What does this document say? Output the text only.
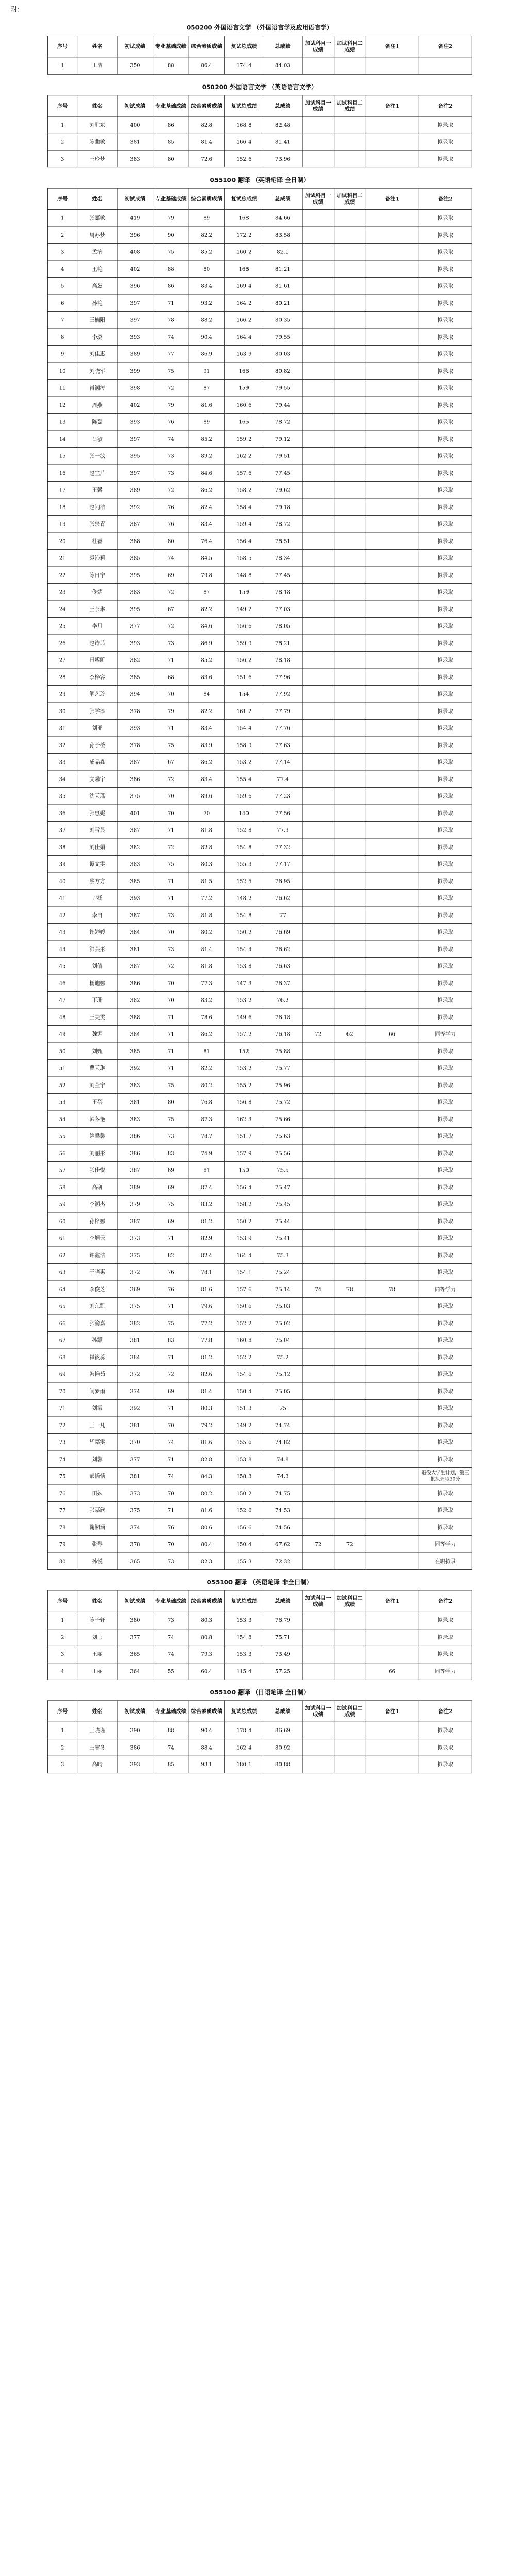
附：
050200 外国语言文学 （外国语言学及应用语言学）
序号	姓名	初试成绩	专业基础成绩	综合素质成绩	复试总成绩	总成绩	加试科目一成绩	加试科目二成绩	备注1	备注2
1	王洁	350	88	86.4	174.4	84.03				
050200 外国语言文学 （英语语言文学）
序号	姓名	初试成绩	专业基础成绩	综合素质成绩	复试总成绩	总成绩	加试科目一成绩	加试科目二成绩	备注1	备注2
1	刘胜东	400	86	82.8	168.8	82.48				拟录取
2	陈曲敏	381	85	81.4	166.4	81.41				拟录取
3	王玲梦	383	80	72.6	152.6	73.96				拟录取
055100 翻译 （英语笔译 全日制）
序号	姓名	初试成绩	专业基础成绩	综合素质成绩	复试总成绩	总成绩	加试科目一成绩	加试科目二成绩	备注1	备注2
1	张嘉敏	419	79	89	168	84.66				拟录取
2	周苏梦	396	90	82.2	172.2	83.58				拟录取
3	孟滴	408	75	85.2	160.2	82.1				拟录取
4	王艳	402	88	80	168	81.21				拟录取
5	高兹	396	86	83.4	169.4	81.61				拟录取
6	孙艳	397	71	93.2	164.2	80.21				拟录取
7	王楠阳	397	78	88.2	166.2	80.35				拟录取
8	李璐	393	74	90.4	164.4	79.55				拟录取
9	刘佳惠	389	77	86.9	163.9	80.03				拟录取
10	刘晓军	399	75	91	166	80.82				拟录取
11	肖润涛	398	72	87	159	79.55				拟录取
12	周燕	402	79	81.6	160.6	79.44				拟录取
13	陈瑟	393	76	89	165	78.72				拟录取
14	吕敏	397	74	85.2	159.2	79.12				拟录取
15	张一波	395	73	89.2	162.2	79.51				拟录取
16	赵生芹	397	73	84.6	157.6	77.45				拟录取
17	王馨	389	72	86.2	158.2	79.62				拟录取
18	赵闲洁	392	76	82.4	158.4	79.18				拟录取
19	张泉青	387	76	83.4	159.4	78.72				拟录取
20	杜睿	388	80	76.4	156.4	78.51				拟录取
21	袁沁莉	385	74	84.5	158.5	78.34				拟录取
22	陈日宁	395	69	79.8	148.8	77.45				拟录取
23	佟熠	383	72	87	159	78.18				拟录取
24	王茶琳	395	67	82.2	149.2	77.03				拟录取
25	李月	377	72	84.6	156.6	78.05				拟录取
26	赵诗菲	393	73	86.9	159.9	78.21				拟录取
27	田紫昕	382	71	85.2	156.2	78.18				拟录取
28	李梓容	385	68	83.6	151.6	77.96				拟录取
29	解艺玲	394	70	84	154	77.92				拟录取
30	张学淳	378	79	82.2	161.2	77.79				拟录取
31	刘亚	393	71	83.4	154.4	77.76				拟录取
32	孙子薇	378	75	83.9	158.9	77.63				拟录取
33	成晶鑫	387	67	86.2	153.2	77.14				拟录取
34	文馨宇	386	72	83.4	155.4	77.4				拟录取
35	沈天瑶	375	70	89.6	159.6	77.23				拟录取
36	张惠妮	401	70	70	140	77.56				拟录取
37	刘雪晨	387	71	81.8	152.8	77.3				拟录取
38	刘佳娟	382	72	82.8	154.8	77.32				拟录取
39	谭文雯	383	75	80.3	155.3	77.17				拟录取
40	蔡方方	385	71	81.5	152.5	76.95				拟录取
41	刀扬	393	71	77.2	148.2	76.62				拟录取
42	李冉	387	73	81.8	154.8	77				拟录取
43	许婷婷	384	70	80.2	150.2	76.69				拟录取
44	洪芸彤	381	73	81.4	154.4	76.62				拟录取
45	刘倩	387	72	81.8	153.8	76.63				拟录取
46	杨迪娜	386	70	77.3	147.3	76.37				拟录取
47	丁珊	382	70	83.2	153.2	76.2				拟录取
48	王美雯	388	71	78.6	149.6	76.18				拟录取
49	魏源	384	71	86.2	157.2	76.18	72	62	66	同等学力
50	刘甄	385	71	81	152	75.88				拟录取
51	曹天琳	392	71	82.2	153.2	75.77				拟录取
52	刘莹宁	383	75	80.2	155.2	75.96				拟录取
53	王蓓	381	80	76.8	156.8	75.72				拟录取
54	韩冬艳	383	75	87.3	162.3	75.66				拟录取
55	姚馨馨	386	73	78.7	151.7	75.63				拟录取
56	刘丽彤	386	83	74.9	157.9	75.56				拟录取
57	张佳悦	387	69	81	150	75.5				拟录取
58	高研	389	69	87.4	156.4	75.47				拟录取
59	李润杰	379	75	83.2	158.2	75.45				拟录取
60	孙梓娜	387	69	81.2	150.2	75.44				拟录取
61	李旭云	373	71	82.9	153.9	75.41				拟录取
62	许鑫洁	375	82	82.4	164.4	75.3				拟录取
63	于晓惠	372	76	78.1	154.1	75.24				拟录取
64	李俊芝	369	76	81.6	157.6	75.14	74	78	78	同等学力
65	刘东凯	375	71	79.6	150.6	75.03				拟录取
66	张渝嘉	382	75	77.2	152.2	75.02				拟录取
67	孙灏	381	83	77.8	160.8	75.04				拟录取
68	崔筱蕊	384	71	81.2	152.2	75.2				拟录取
69	韩艳茹	372	72	82.6	154.6	75.12				拟录取
70	闫梦雨	374	69	81.4	150.4	75.05				拟录取
71	刘霞	392	71	80.3	151.3	75				拟录取
72	王一凡	381	70	79.2	149.2	74.74				拟录取
73	毕嘉雯	370	74	81.6	155.6	74.82				拟录取
74	刘蓉	377	71	82.8	153.8	74.8				拟录取
75	郝恬恬	381	74	84.3	158.3	74.3				退役大学生计划，第三批拟录取30分
76	田妹	373	70	80.2	150.2	74.75				拟录取
77	张嘉欣	375	71	81.6	152.6	74.53				拟录取
78	鞠湘涵	374	76	80.6	156.6	74.56				拟录取
79	张琴	378	70	80.4	150.4	67.62	72	72		同等学力
80	孙悦	365	73	82.3	155.3	72.32				在职拟录
055100 翻译 （英语笔译 非全日制）
序号	姓名	初试成绩	专业基础成绩	综合素质成绩	复试总成绩	总成绩	加试科目一成绩	加试科目二成绩	备注1	备注2
1	陈子轩	380	73	80.3	153.3	76.79				拟录取
2	刘玉	377	74	80.8	154.8	75.71				拟录取
3	王丽	365	74	79.3	153.3	73.49				拟录取
4	王丽	364	55	60.4	115.4	57.25			66	同等学力
055100 翻译 （日语笔译 全日制）
序号	姓名	初试成绩	专业基础成绩	综合素质成绩	复试总成绩	总成绩	加试科目一成绩	加试科目二成绩	备注1	备注2
1	王晓瑾	390	88	90.4	178.4	86.69				拟录取
2	王睿冬	386	74	88.4	162.4	80.92				拟录取
3	高晴	393	85	93.1	180.1	80.88				拟录取
